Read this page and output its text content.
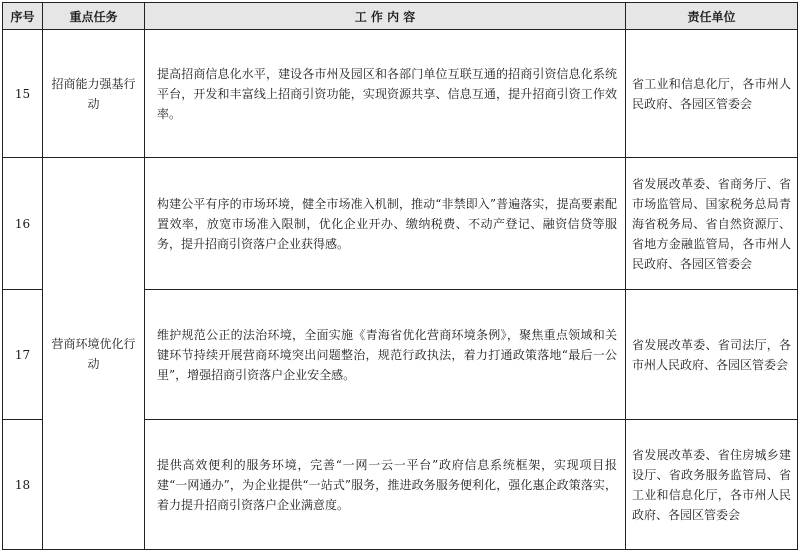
序号	重点任务	工 作 内 容	责任单位
15	招商能力强基行动	提高招商信息化水平，建设各市州及园区和各部门单位互联互通的招商引资信息化系统平台，开发和丰富线上招商引资功能，实现资源共享、信息互通，提升招商引资工作效率。	省工业和信息化厅，各市州人民政府、各园区管委会
16	营商环境优化行动	构建公平有序的市场环境，健全市场准入机制，推动“非禁即入”普遍落实，提高要素配置效率，放宽市场准入限制，优化企业开办、缴纳税费、不动产登记、融资信贷等服务，提升招商引资落户企业获得感。	省发展改革委、省商务厅、省市场监管局、国家税务总局青海省税务局、省自然资源厅、省地方金融监管局，各市州人民政府、各园区管委会
17		维护规范公正的法治环境，全面实施《青海省优化营商环境条例》，聚焦重点领域和关键环节持续开展营商环境突出问题整治，规范行政执法，着力打通政策落地“最后一公里”，增强招商引资落户企业安全感。	省发展改革委、省司法厅，各市州人民政府、各园区管委会
18		提供高效便利的服务环境，完善“一网一云一平台”政府信息系统框架，实现项目报建“一网通办”，为企业提供“一站式”服务，推进政务服务便利化，强化惠企政策落实，着力提升招商引资落户企业满意度。	省发展改革委、省住房城乡建设厅、省政务服务监管局、省工业和信息化厅，各市州人民政府、各园区管委会
